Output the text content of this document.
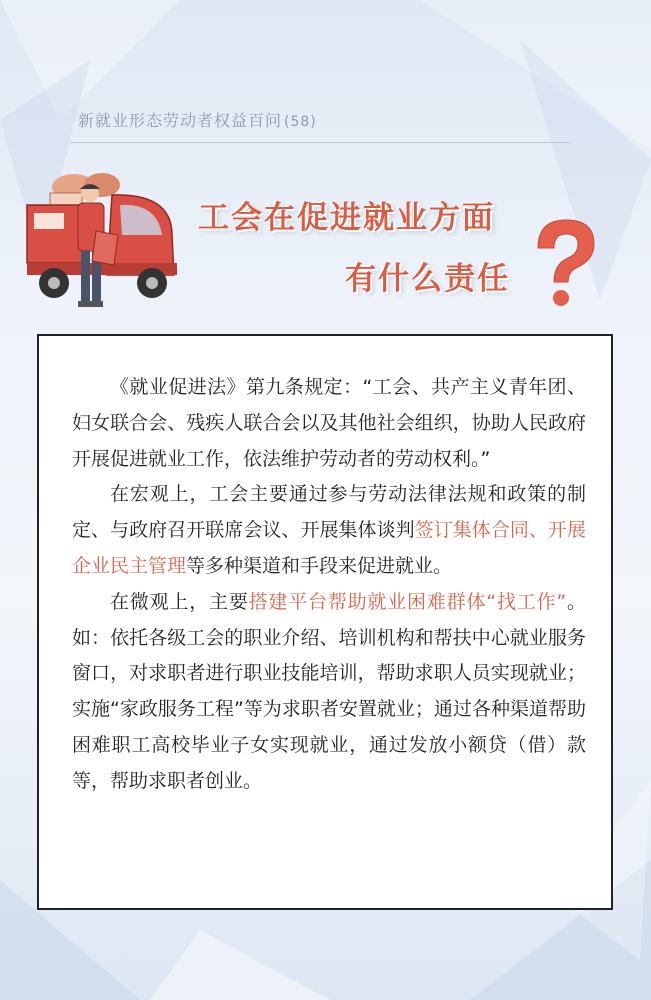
新就业形态劳动者权益百问 (58)
工会在促进就业方面
有什么责任

《就业促进法》第九条规定：“工会、共产主义青年团、妇女联合会、残疾人联合会以及其他社会组织，协助人民政府开展促进就业工作，依法维护劳动者的劳动权利。”

在宏观上，工会主要通过参与劳动法律法规和政策的制定、与政府召开联席会议、开展集体谈判签订集体合同、开展企业民主管理等多种渠道和手段来促进就业。

在微观上，主要搭建平台帮助就业困难群体“找工作”。如：依托各级工会的职业介绍、培训机构和帮扶中心就业服务窗口，对求职者进行职业技能培训，帮助求职人员实现就业；实施“家政服务工程”等为求职者安置就业；通过各种渠道帮助困难职工高校毕业子女实现就业，通过发放小额贷（借）款等，帮助求职者创业。
